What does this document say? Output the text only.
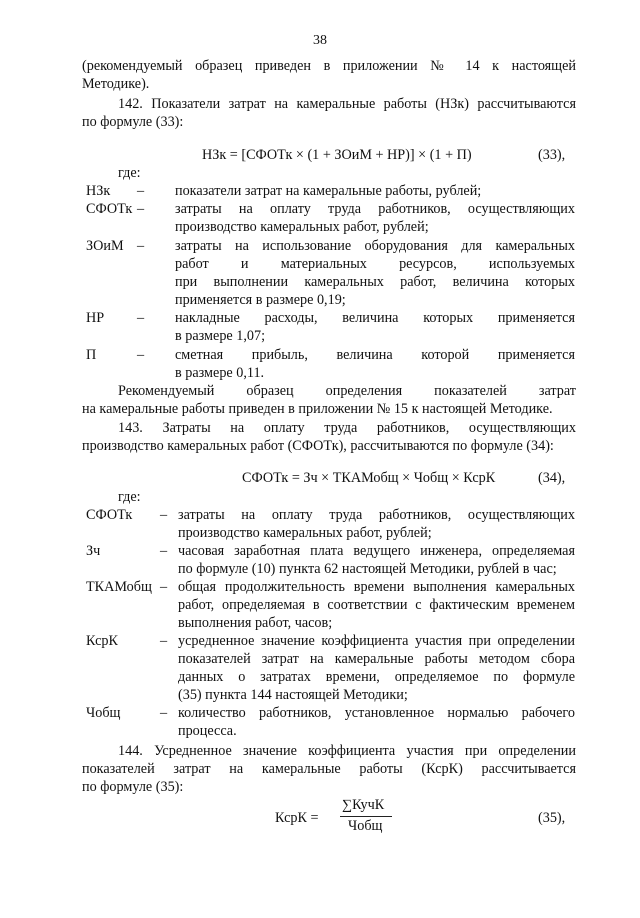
38
(рекомендуемый образец приведен в приложении № 14 к настоящей
Методике).
142. Показатели затрат на камеральные работы (НЗк) рассчитываются
по формуле (33):
НЗк = [СФОТк × (1 + ЗОиМ + НР)] × (1 + П)	(33),
где:
НЗк – показатели затрат на камеральные работы, рублей;
СФОТк – затраты на оплату труда работников, осуществляющих
производство камеральных работ, рублей;
ЗОиМ – затраты на использование оборудования для камеральных
работ и материальных ресурсов, используемых
при выполнении камеральных работ, величина которых
применяется в размере 0,19;
НР – накладные расходы, величина которых применяется
в размере 1,07;
П	– сметная прибыль, величина которой применяется
в размере 0,11.
Рекомендуемый образец определения показателей затрат
на камеральные работы приведен в приложении № 15 к настоящей Методике.
143. Затраты на оплату труда работников, осуществляющих
производство камеральных работ (СФОТк), рассчитываются по формуле (34):
СФОТк = Зч × ТКАМобщ × Чобщ × КсрК	(34),
где:
СФОТк – затраты на оплату труда работников, осуществляющих
производство камеральных работ, рублей;
Зч	– часовая заработная плата ведущего инженера, определяемая
по формуле (10) пункта 62 настоящей Методики, рублей в час;
ТКАМобщ – общая продолжительность времени выполнения камеральных
работ, определяемая в соответствии с фактическим временем
выполнения работ, часов;
КсрК	– усредненное значение коэффициента участия при определении
показателей затрат на камеральные работы методом сбора
данных о затратах времени, определяемое по формуле
(35) пункта 144 настоящей Методики;
Чобщ	– количество работников, установленное нормалью рабочего
процесса.
144. Усредненное значение коэффициента участия при определении
показателей затрат на камеральные работы (КсрК) рассчитывается
по формуле (35):
КсрК =
∑КучК
Чобщ	(35),
